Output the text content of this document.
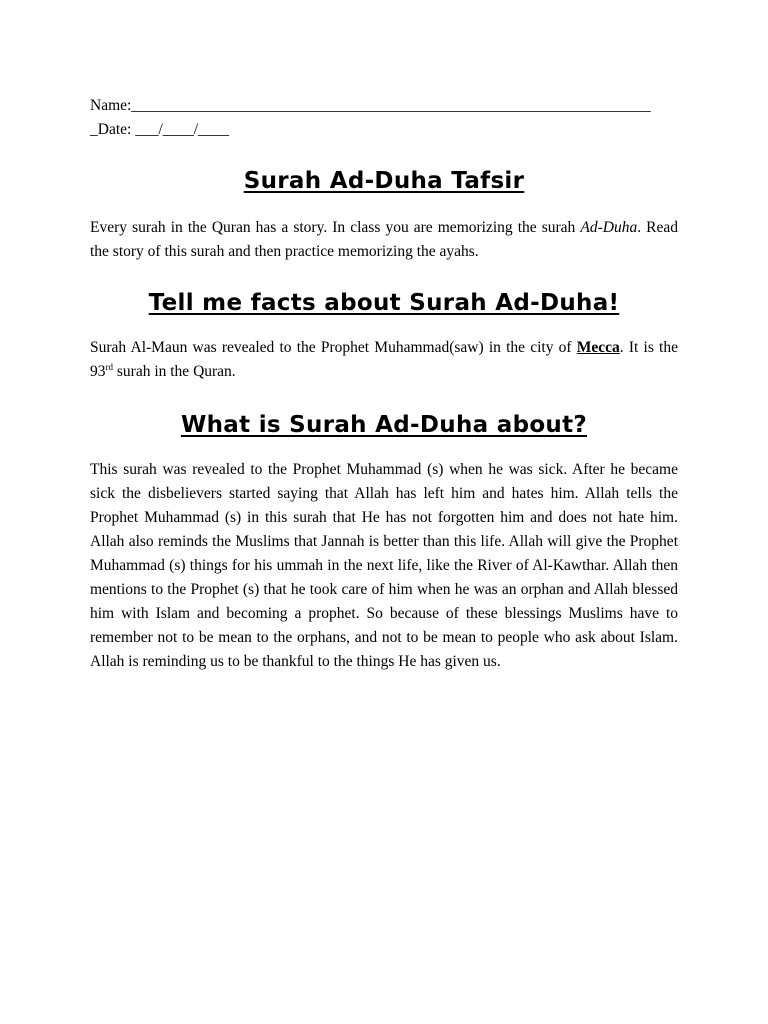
Name:___________________________________________________________________

_Date: ___/____/____

Surah Ad-Duha Tafsir

Every surah in the Quran has a story. In class you are memorizing the surah Ad-Duha. Read the story of this surah and then practice memorizing the ayahs.

Tell me facts about Surah Ad-Duha!

Surah Al-Maun was revealed to the Prophet Muhammad(saw) in the city of Mecca. It is the 93rd surah in the Quran.

What is Surah Ad-Duha about?

This surah was revealed to the Prophet Muhammad (s) when he was sick. After he became sick the disbelievers started saying that Allah has left him and hates him. Allah tells the Prophet Muhammad (s) in this surah that He has not forgotten him and does not hate him. Allah also reminds the Muslims that Jannah is better than this life. Allah will give the Prophet Muhammad (s) things for his ummah in the next life, like the River of Al-Kawthar. Allah then mentions to the Prophet (s) that he took care of him when he was an orphan and Allah blessed him with Islam and becoming a prophet. So because of these blessings Muslims have to remember not to be mean to the orphans, and not to be mean to people who ask about Islam. Allah is reminding us to be thankful to the things He has given us.
